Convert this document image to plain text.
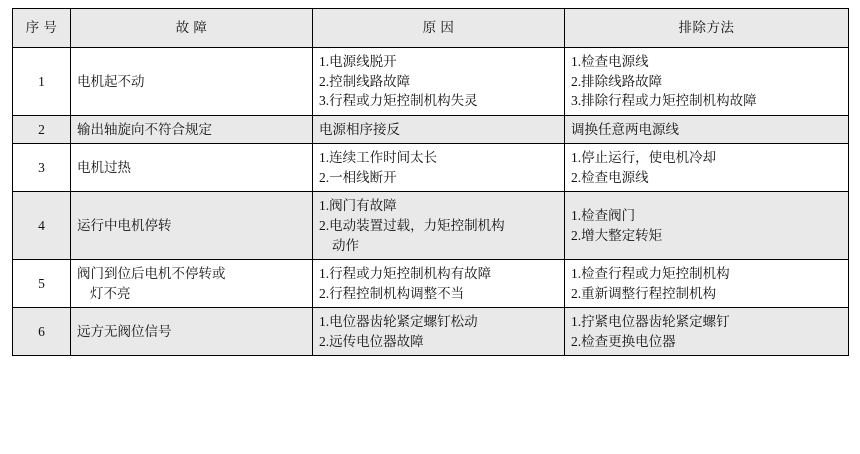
序 号	故 障	原 因	排除方法
1	电机起不动	1.电源线脱开
2.控制线路故障
3.行程或力矩控制机构失灵	1.检查电源线
2.排除线路故障
3.排除行程或力矩控制机构故障

2	输出轴旋向不符合规定	电源相序接反	调换任意两电源线

3	电机过热	1.连续工作时间太长
2.一相线断开	1.停止运行，使电机冷却
2.检查电源线

4	运行中电机停转	1.阀门有故障
2.电动装置过载，力矩控制机构
动作	1.检查阀门
2.增大整定转矩

5	阀门到位后电机不停转或
灯不亮	1.行程或力矩控制机构有故障
2.行程控制机构调整不当	1.检查行程或力矩控制机构
2.重新调整行程控制机构

6	远方无阀位信号	1.电位器齿轮紧定螺钉松动
2.远传电位器故障	1.拧紧电位器齿轮紧定螺钉
2.检查更换电位器
